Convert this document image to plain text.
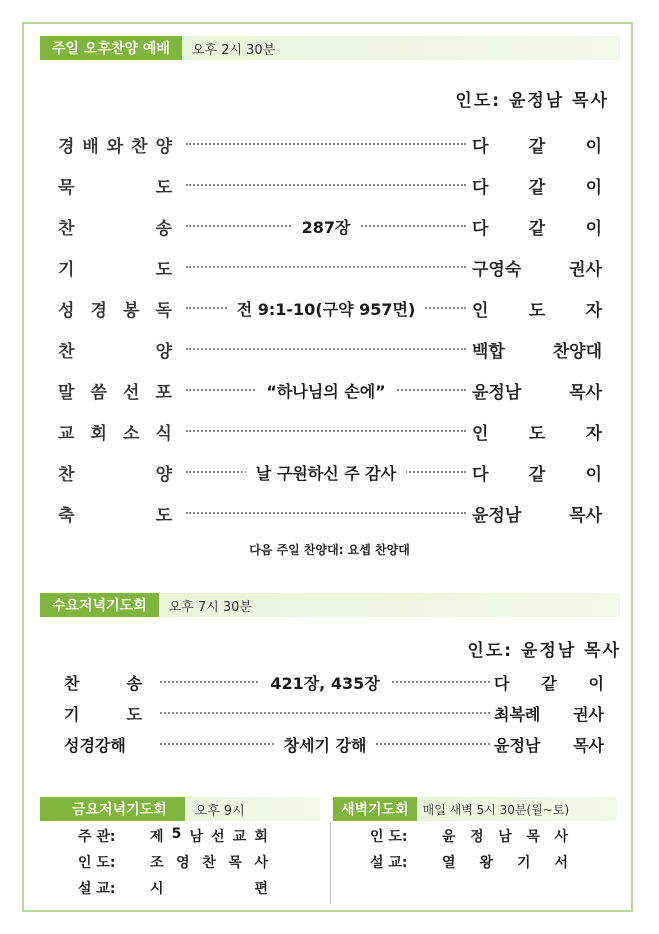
주일 오후찬양 예배	오후 2시 30분
인도: 윤정남 목사
경 배 와 찬 양	다 같 이
묵	도	다 같 이
찬	송	287장	다 같 이
기	도	구영숙	권사
성 경 봉 독	전 9:1-10(구약 957면)	인 도 자
찬	양	백합	찬양대
말 씀 선 포	“하나님의 손에”	윤정남	목사
교 회 소 식	인 도 자
찬	양	날 구원하신 주 감사	다 같 이
축	도	윤정남	목사
다음 주일 찬양대: 요셉 찬양대
수요저녁기도회	오후 7시 30분
인도: 윤정남 목사
찬	송	421장, 435장	다 같 이
기	도	최복례 권사
성경강해	창세기 강해	윤정남 목사
금요저녁기도회	오후 9시	새벽기도회	매일 새벽 5시 30분(월~토)
주 관:	제 5 남 선 교 회
인 도:	조 영 찬 목 사
설 교:	시	편
인 도:	윤 정 남 목 사
설 교:	열 왕 기 서
